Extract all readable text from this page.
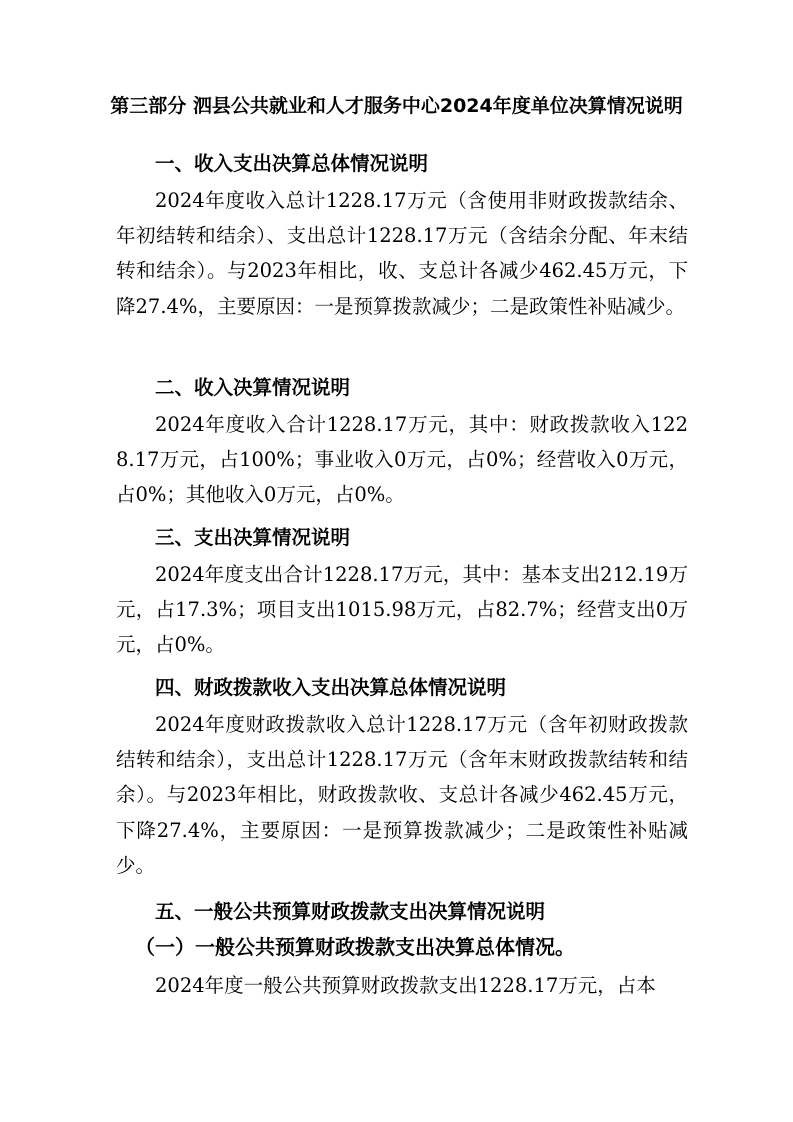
第三部分 泗县公共就业和人才服务中心2024年度单位决算情况说明
一、收入支出决算总体情况说明

2024年度收入总计1228.17万元（含使用非财政拨款结余、年初结转和结余）、支出总计1228.17万元（含结余分配、年末结转和结余）。与2023年相比，收、支总计各减少462.45万元，下降27.4%，主要原因：一是预算拨款减少；二是政策性补贴减少。

二、收入决算情况说明

2024年度收入合计1228.17万元，其中：财政拨款收入1228.17万元，占100%；事业收入0万元，占0%；经营收入0万元，占0%；其他收入0万元，占0%。

三、支出决算情况说明

2024年度支出合计1228.17万元，其中：基本支出212.19万元，占17.3%；项目支出1015.98万元，占82.7%；经营支出0万元，占0%。

四、财政拨款收入支出决算总体情况说明

2024年度财政拨款收入总计1228.17万元（含年初财政拨款结转和结余），支出总计1228.17万元（含年末财政拨款结转和结余）。与2023年相比，财政拨款收、支总计各减少462.45万元，下降27.4%，主要原因：一是预算拨款减少；二是政策性补贴减少。

五、一般公共预算财政拨款支出决算情况说明
（一）一般公共预算财政拨款支出决算总体情况。

2024年度一般公共预算财政拨款支出1228.17万元，占本
